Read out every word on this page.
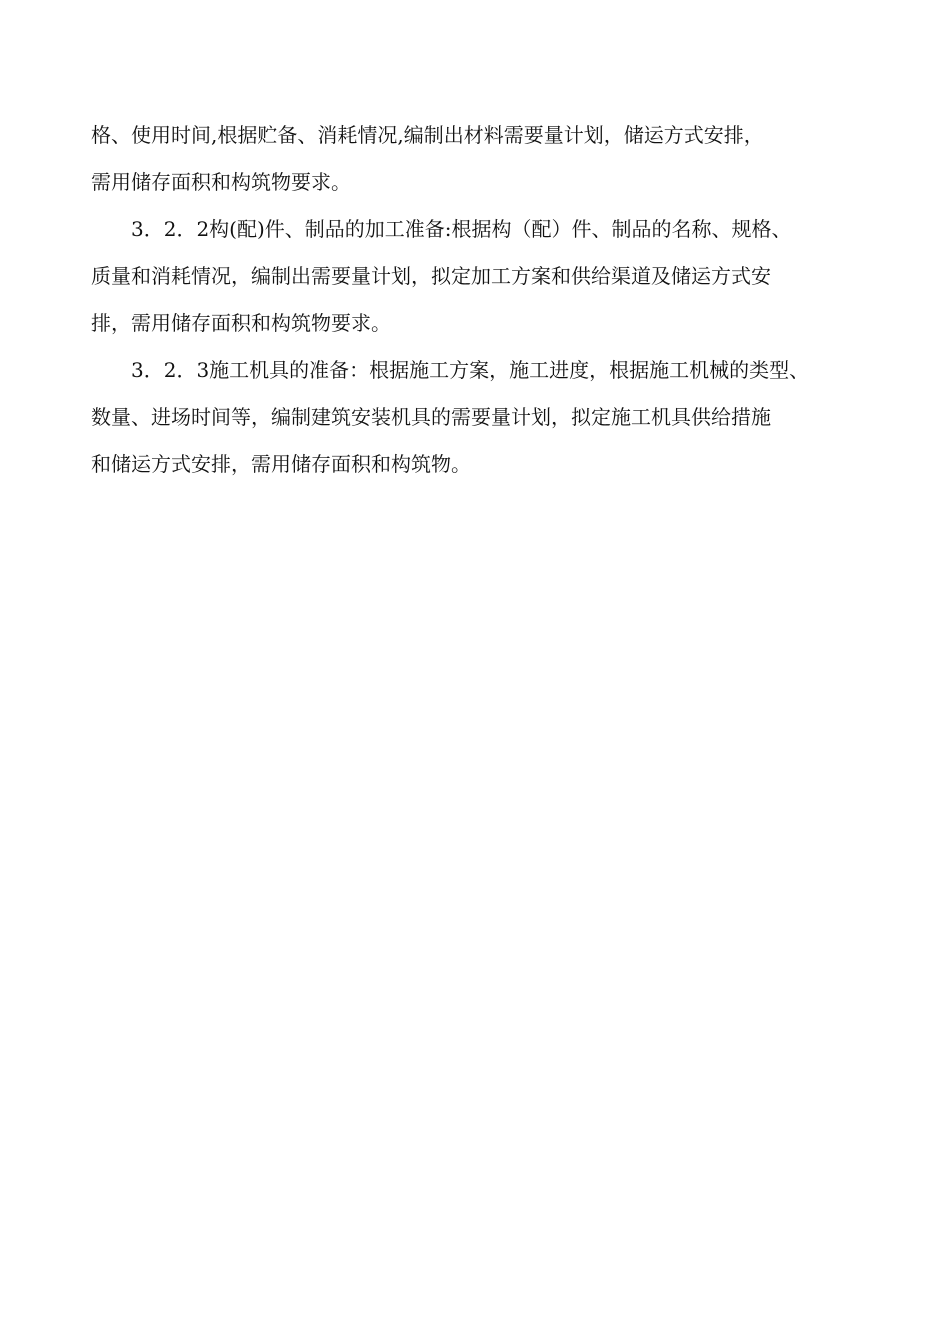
格、使用时间,根据贮备、消耗情况,编制出材料需要量计划，储运方式安排，
需用储存面积和构筑物要求。
3．2．2构(配)件、制品的加工准备:根据构（配）件、制品的名称、规格、
质量和消耗情况，编制出需要量计划，拟定加工方案和供给渠道及储运方式安
排，需用储存面积和构筑物要求。
3．2．3施工机具的准备：根据施工方案，施工进度，根据施工机械的类型、
数量、进场时间等，编制建筑安装机具的需要量计划，拟定施工机具供给措施
和储运方式安排，需用储存面积和构筑物。
